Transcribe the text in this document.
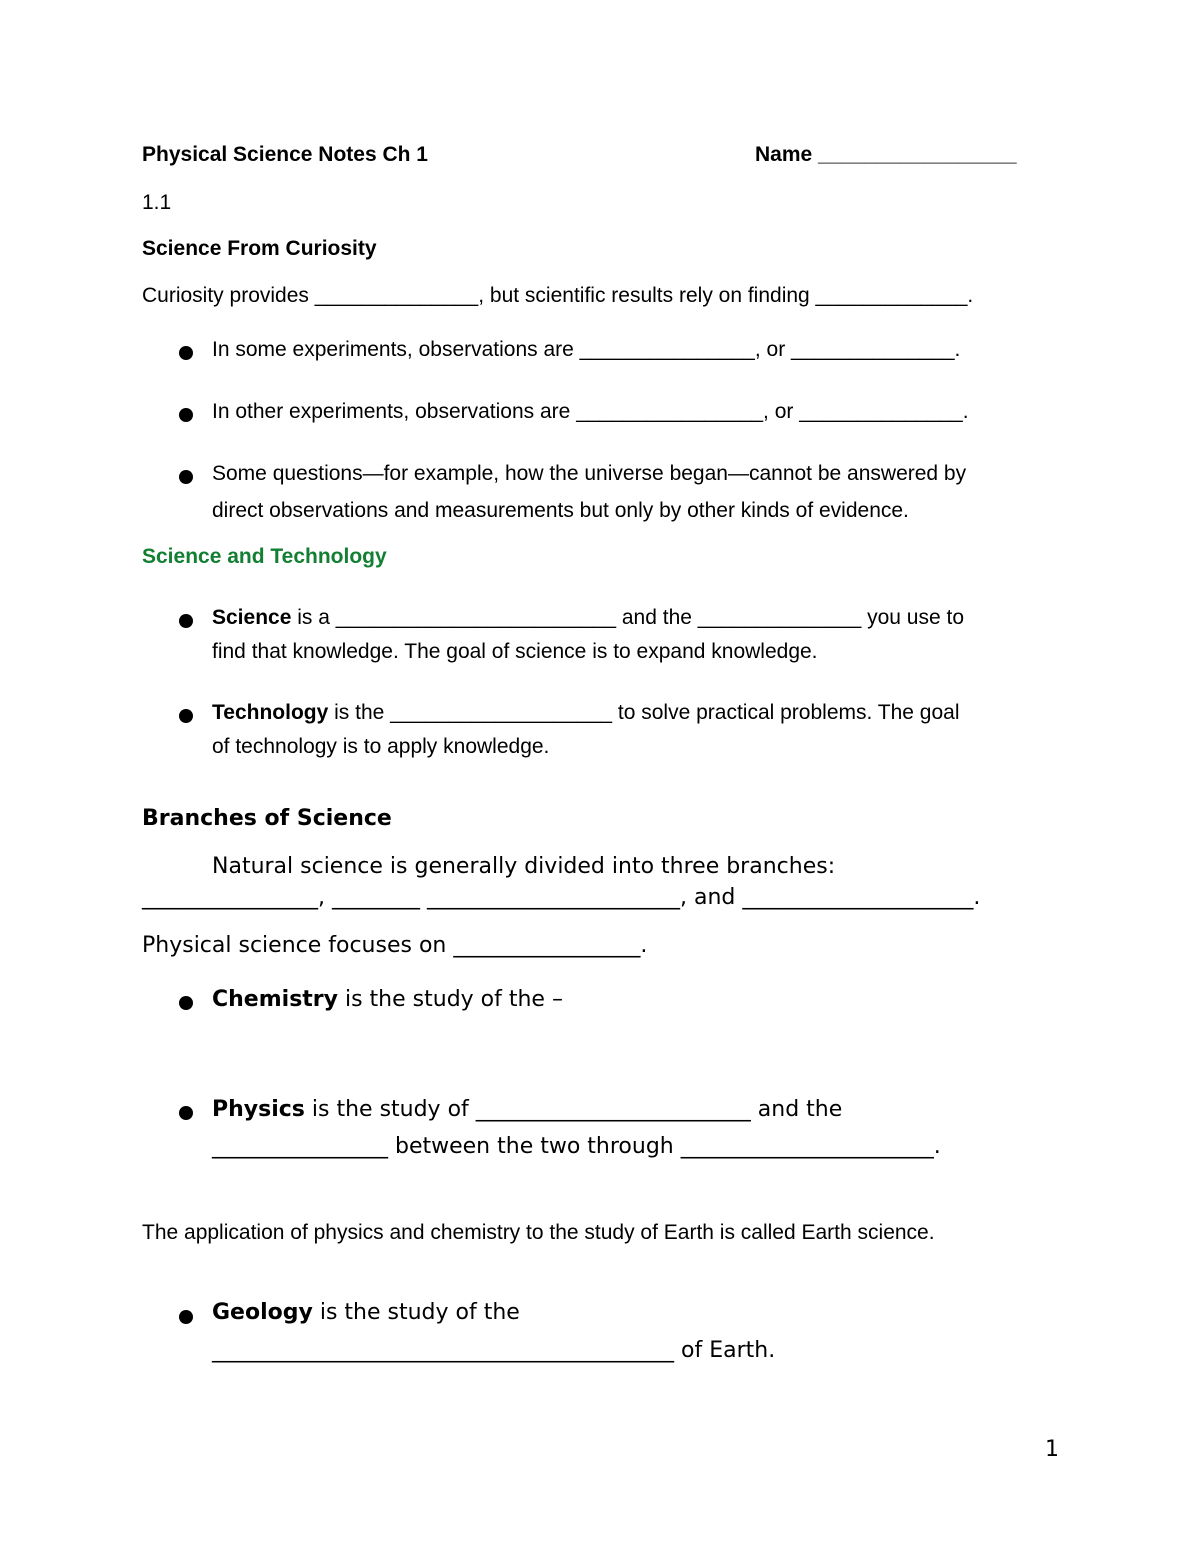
Physical Science Notes Ch 1	Name _________________
1.1
Science From Curiosity
Curiosity provides ______________, but scientific results rely on finding _____________.
In some experiments, observations are _______________, or ______________.
In other experiments, observations are ________________, or ______________.
Some questions—for example, how the universe began—cannot be answered by
direct observations and measurements but only by other kinds of evidence.
Science and Technology
Science is a ________________________ and the ______________ you use to
find that knowledge. The goal of science is to expand knowledge.
Technology is the ___________________ to solve practical problems. The goal
of technology is to apply knowledge.
Branches of Science
Natural science is generally divided into three branches:
________________, ________ _______________________, and _____________________.
Physical science focuses on _________________.
Chemistry is the study of the –
Physics is the study of _________________________ and the
________________ between the two through _______________________.
The application of physics and chemistry to the study of Earth is called Earth science.
Geology is the study of the
__________________________________________ of Earth.
1
